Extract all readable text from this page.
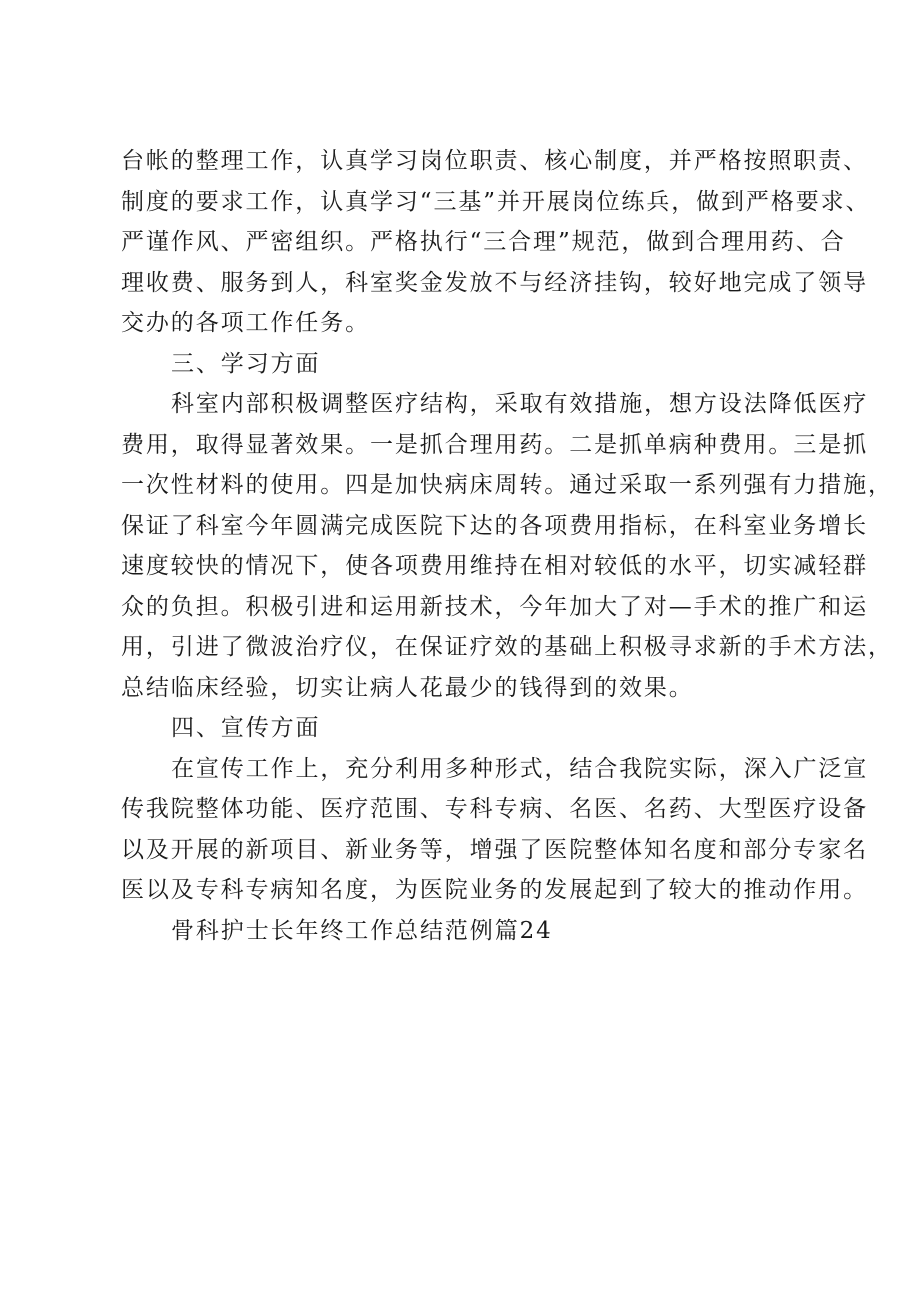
台帐的整理工作，认真学习岗位职责、核心制度，并严格按照职责、
制度的要求工作，认真学习“三基”并开展岗位练兵，做到严格要求、
严谨作风、严密组织。严格执行“三合理”规范，做到合理用药、合
理收费、服务到人，科室奖金发放不与经济挂钩，较好地完成了领导
交办的各项工作任务。
三、学习方面
科室内部积极调整医疗结构，采取有效措施，想方设法降低医疗
费用，取得显著效果。一是抓合理用药。二是抓单病种费用。三是抓
一次性材料的使用。四是加快病床周转。通过采取一系列强有力措施，
保证了科室今年圆满完成医院下达的各项费用指标，在科室业务增长
速度较快的情况下，使各项费用维持在相对较低的水平，切实减轻群
众的负担。积极引进和运用新技术，今年加大了对—手术的推广和运
用，引进了微波治疗仪，在保证疗效的基础上积极寻求新的手术方法，
总结临床经验，切实让病人花最少的钱得到的效果。
四、宣传方面
在宣传工作上，充分利用多种形式，结合我院实际，深入广泛宣
传我院整体功能、医疗范围、专科专病、名医、名药、大型医疗设备
以及开展的新项目、新业务等，增强了医院整体知名度和部分专家名
医以及专科专病知名度，为医院业务的发展起到了较大的推动作用。
骨科护士长年终工作总结范例篇24
